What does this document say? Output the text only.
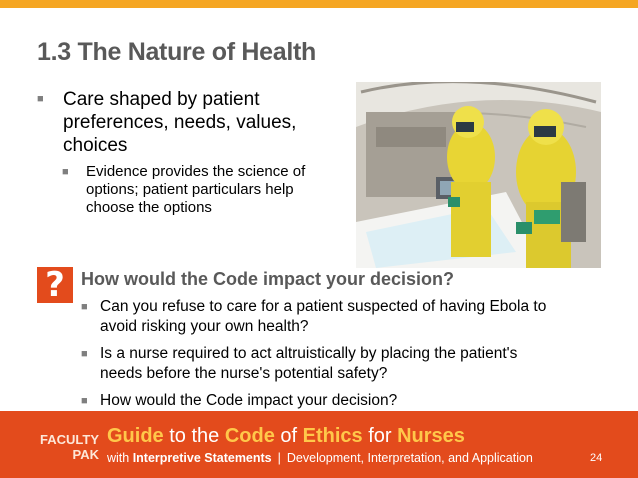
1.3 The Nature of Health
■ Care shaped by patient preferences, needs, values, choices
■ Evidence provides the science of options; patient particulars help choose the options
? How would the Code impact your decision?
■ Can you refuse to care for a patient suspected of having Ebola to avoid risking your own health?
■ Is a nurse required to act altruistically by placing the patient's needs before the nurse's potential safety?
■ How would the Code impact your decision?
FACULTY
PAK
Guide to the Code of Ethics for Nurses
with Interpretive Statements | Development, Interpretation, and Application	24
